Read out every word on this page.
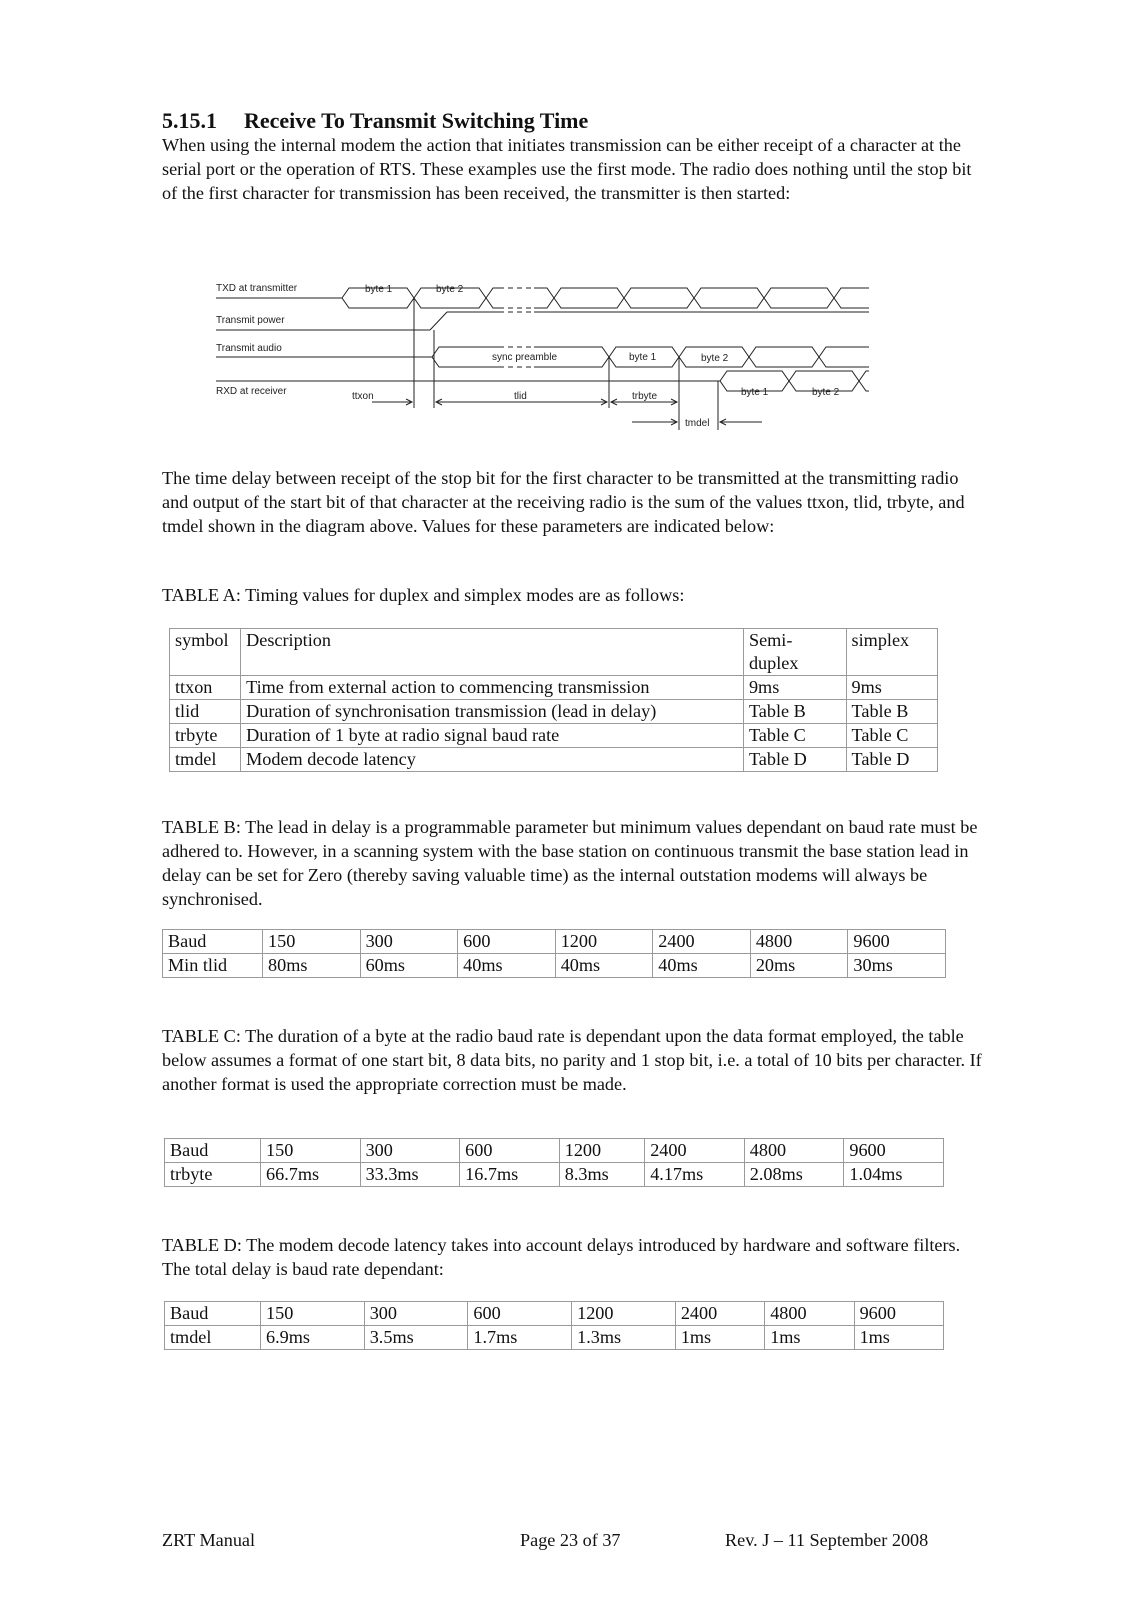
5.15.1 Receive To Transmit Switching Time

When using the internal modem the action that initiates transmission can be either receipt of a character at the serial port or the operation of RTS. These examples use the first mode. The radio does nothing until the stop bit of the first character for transmission has been received, the transmitter is then started:

TXD at transmitter
Transmit power
Transmit audio
RXD at receiver
byte 1	byte 2
sync preamble	byte 1	byte 2
byte 1	byte 2
ttxon	tlid	trbyte
tmdel

The time delay between receipt of the stop bit for the first character to be transmitted at the transmitting radio and output of the start bit of that character at the receiving radio is the sum of the values ttxon, tlid, trbyte, and tmdel shown in the diagram above. Values for these parameters are indicated below:

TABLE A: Timing values for duplex and simplex modes are as follows:

symbol	Description	Semi-duplex	simplex
ttxon	Time from external action to commencing transmission	9ms	9ms
tlid	Duration of synchronisation transmission (lead in delay)	Table B	Table B
trbyte	Duration of 1 byte at radio signal baud rate	Table C	Table C
tmdel	Modem decode latency	Table D	Table D

TABLE B: The lead in delay is a programmable parameter but minimum values dependant on baud rate must be adhered to. However, in a scanning system with the base station on continuous transmit the base station lead in delay can be set for Zero (thereby saving valuable time) as the internal outstation modems will always be synchronised.

Baud	150	300	600	1200	2400	4800	9600
Min tlid	80ms	60ms	40ms	40ms	40ms	20ms	30ms

TABLE C: The duration of a byte at the radio baud rate is dependant upon the data format employed, the table below assumes a format of one start bit, 8 data bits, no parity and 1 stop bit, i.e. a total of 10 bits per character. If another format is used the appropriate correction must be made.

Baud	150	300	600	1200	2400	4800	9600
trbyte	66.7ms	33.3ms	16.7ms	8.3ms	4.17ms	2.08ms	1.04ms

TABLE D: The modem decode latency takes into account delays introduced by hardware and software filters. The total delay is baud rate dependant:

Baud	150	300	600	1200	2400	4800	9600
tmdel	6.9ms	3.5ms	1.7ms	1.3ms	1ms	1ms	1ms
ZRT Manual	Page 23 of 37	Rev. J – 11 September 2008
